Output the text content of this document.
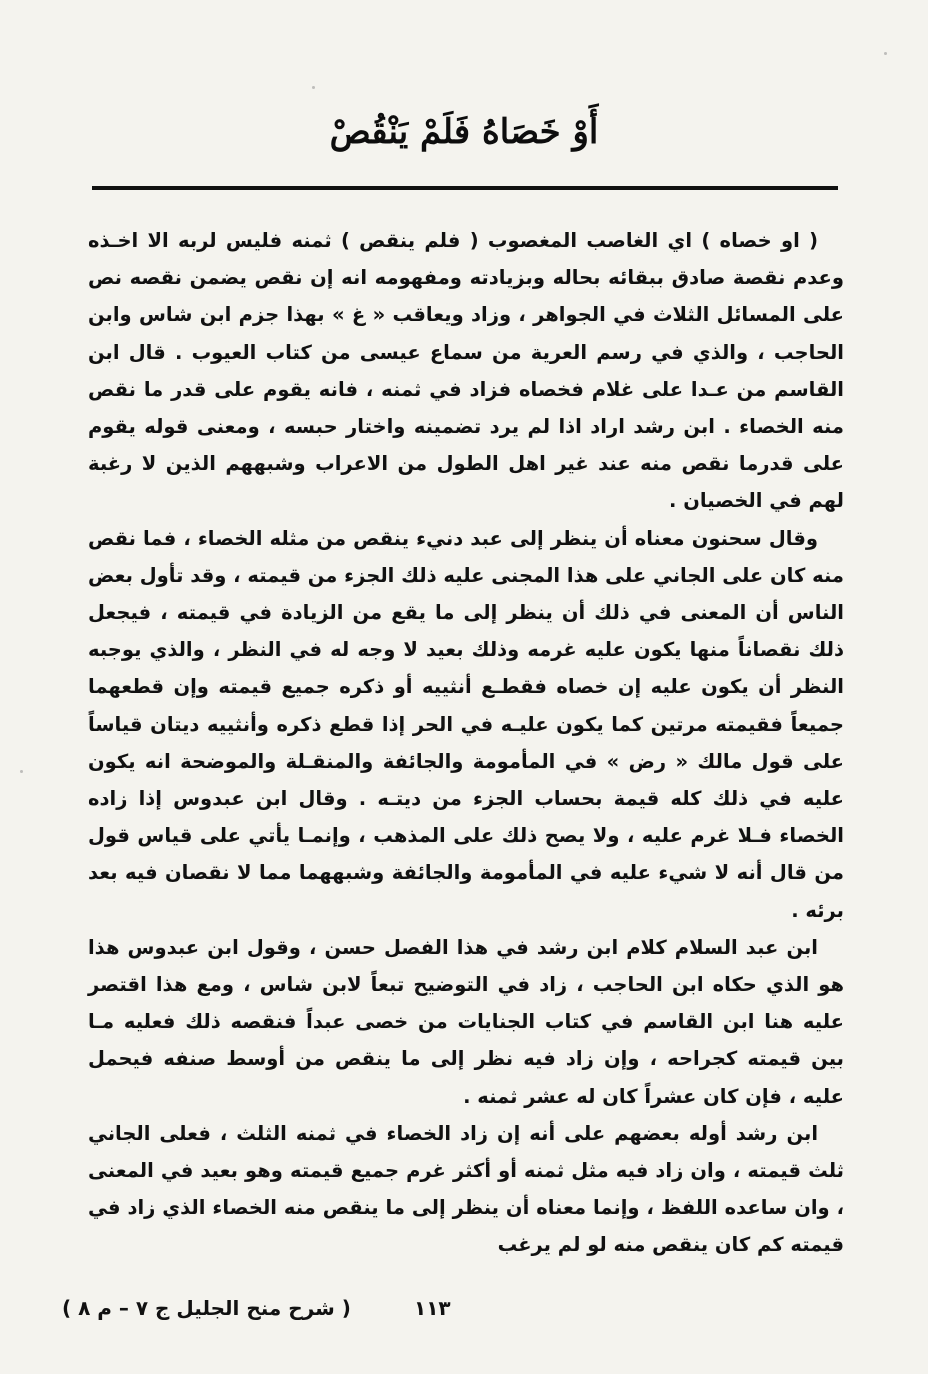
أَوْ خَصَاهُ فَلَمْ يَنْقُصْ

( او خصاه ) اي الغاصب المغصوب ( فلم ينقص ) ثمنه فليس لربه الا اخـذه وعدم نقصة صادق ببقائه بحاله وبزيادته ومفهومه انه إن نقص يضمن نقصه نص على المسائل الثلاث في الجواهر ، وزاد ويعاقب « غ » بهذا جزم ابن شاس وابن الحاجب ، والذي في رسم العرية من سماع عيسى من كتاب العيوب . قال ابن القاسم من عـدا على غلام فخصاه فزاد في ثمنه ، فانه يقوم على قدر ما نقص منه الخصاء . ابن رشد اراد اذا لم يرد تضمينه واختار حبسه ، ومعنى قوله يقوم على قدرما نقص منه عند غير اهل الطول من الاعراب وشبههم الذين لا رغبة لهم في الخصيان .

وقال سحنون معناه أن ينظر إلى عبد دنيء ينقص من مثله الخصاء ، فما نقص منه كان على الجاني على هذا المجنى عليه ذلك الجزء من قيمته ، وقد تأول بعض الناس أن المعنى في ذلك أن ينظر إلى ما يقع من الزيادة في قيمته ، فيجعل ذلك نقصاناً منها يكون عليه غرمه وذلك بعيد لا وجه له في النظر ، والذي يوجبه النظر أن يكون عليه إن خصاه فقطـع أنثييه أو ذكره جميع قيمته وإن قطعهما جميعاً فقيمته مرتين كما يكون عليـه في الحر إذا قطع ذكره وأنثييه ديتان قياساً على قول مالك « رض » في المأمومة والجائفة والمنقـلة والموضحة انه يكون عليه في ذلك كله قيمة بحساب الجزء من ديتـه . وقال ابن عبدوس إذا زاده الخصاء فـلا غرم عليه ، ولا يصح ذلك على المذهب ، وإنمـا يأتي على قياس قول من قال أنه لا شيء عليه في المأمومة والجائفة وشبههما مما لا نقصان فيه بعد برئه .

ابن عبد السلام كلام ابن رشد في هذا الفصل حسن ، وقول ابن عبدوس هذا هو الذي حكاه ابن الحاجب ، زاد في التوضيح تبعاً لابن شاس ، ومع هذا اقتصر عليه هنا ابن القاسم في كتاب الجنايات من خصى عبداً فنقصه ذلك فعليه مـا بين قيمته كجراحه ، وإن زاد فيه نظر إلى ما ينقص من أوسط صنفه فيحمل عليه ، فإن كان عشراً كان له عشر ثمنه .

ابن رشد أوله بعضهم على أنه إن زاد الخصاء في ثمنه الثلث ، فعلى الجاني ثلث قيمته ، وان زاد فيه مثل ثمنه أو أكثر غرم جميع قيمته وهو بعيد في المعنى ، وان ساعده اللفظ ، وإنما معناه أن ينظر إلى ما ينقص منه الخصاء الذي زاد في قيمته كم كان ينقص منه لو لم يرغب

١١٣
( شرح منح الجليل ج ٧ – م ٨ )
